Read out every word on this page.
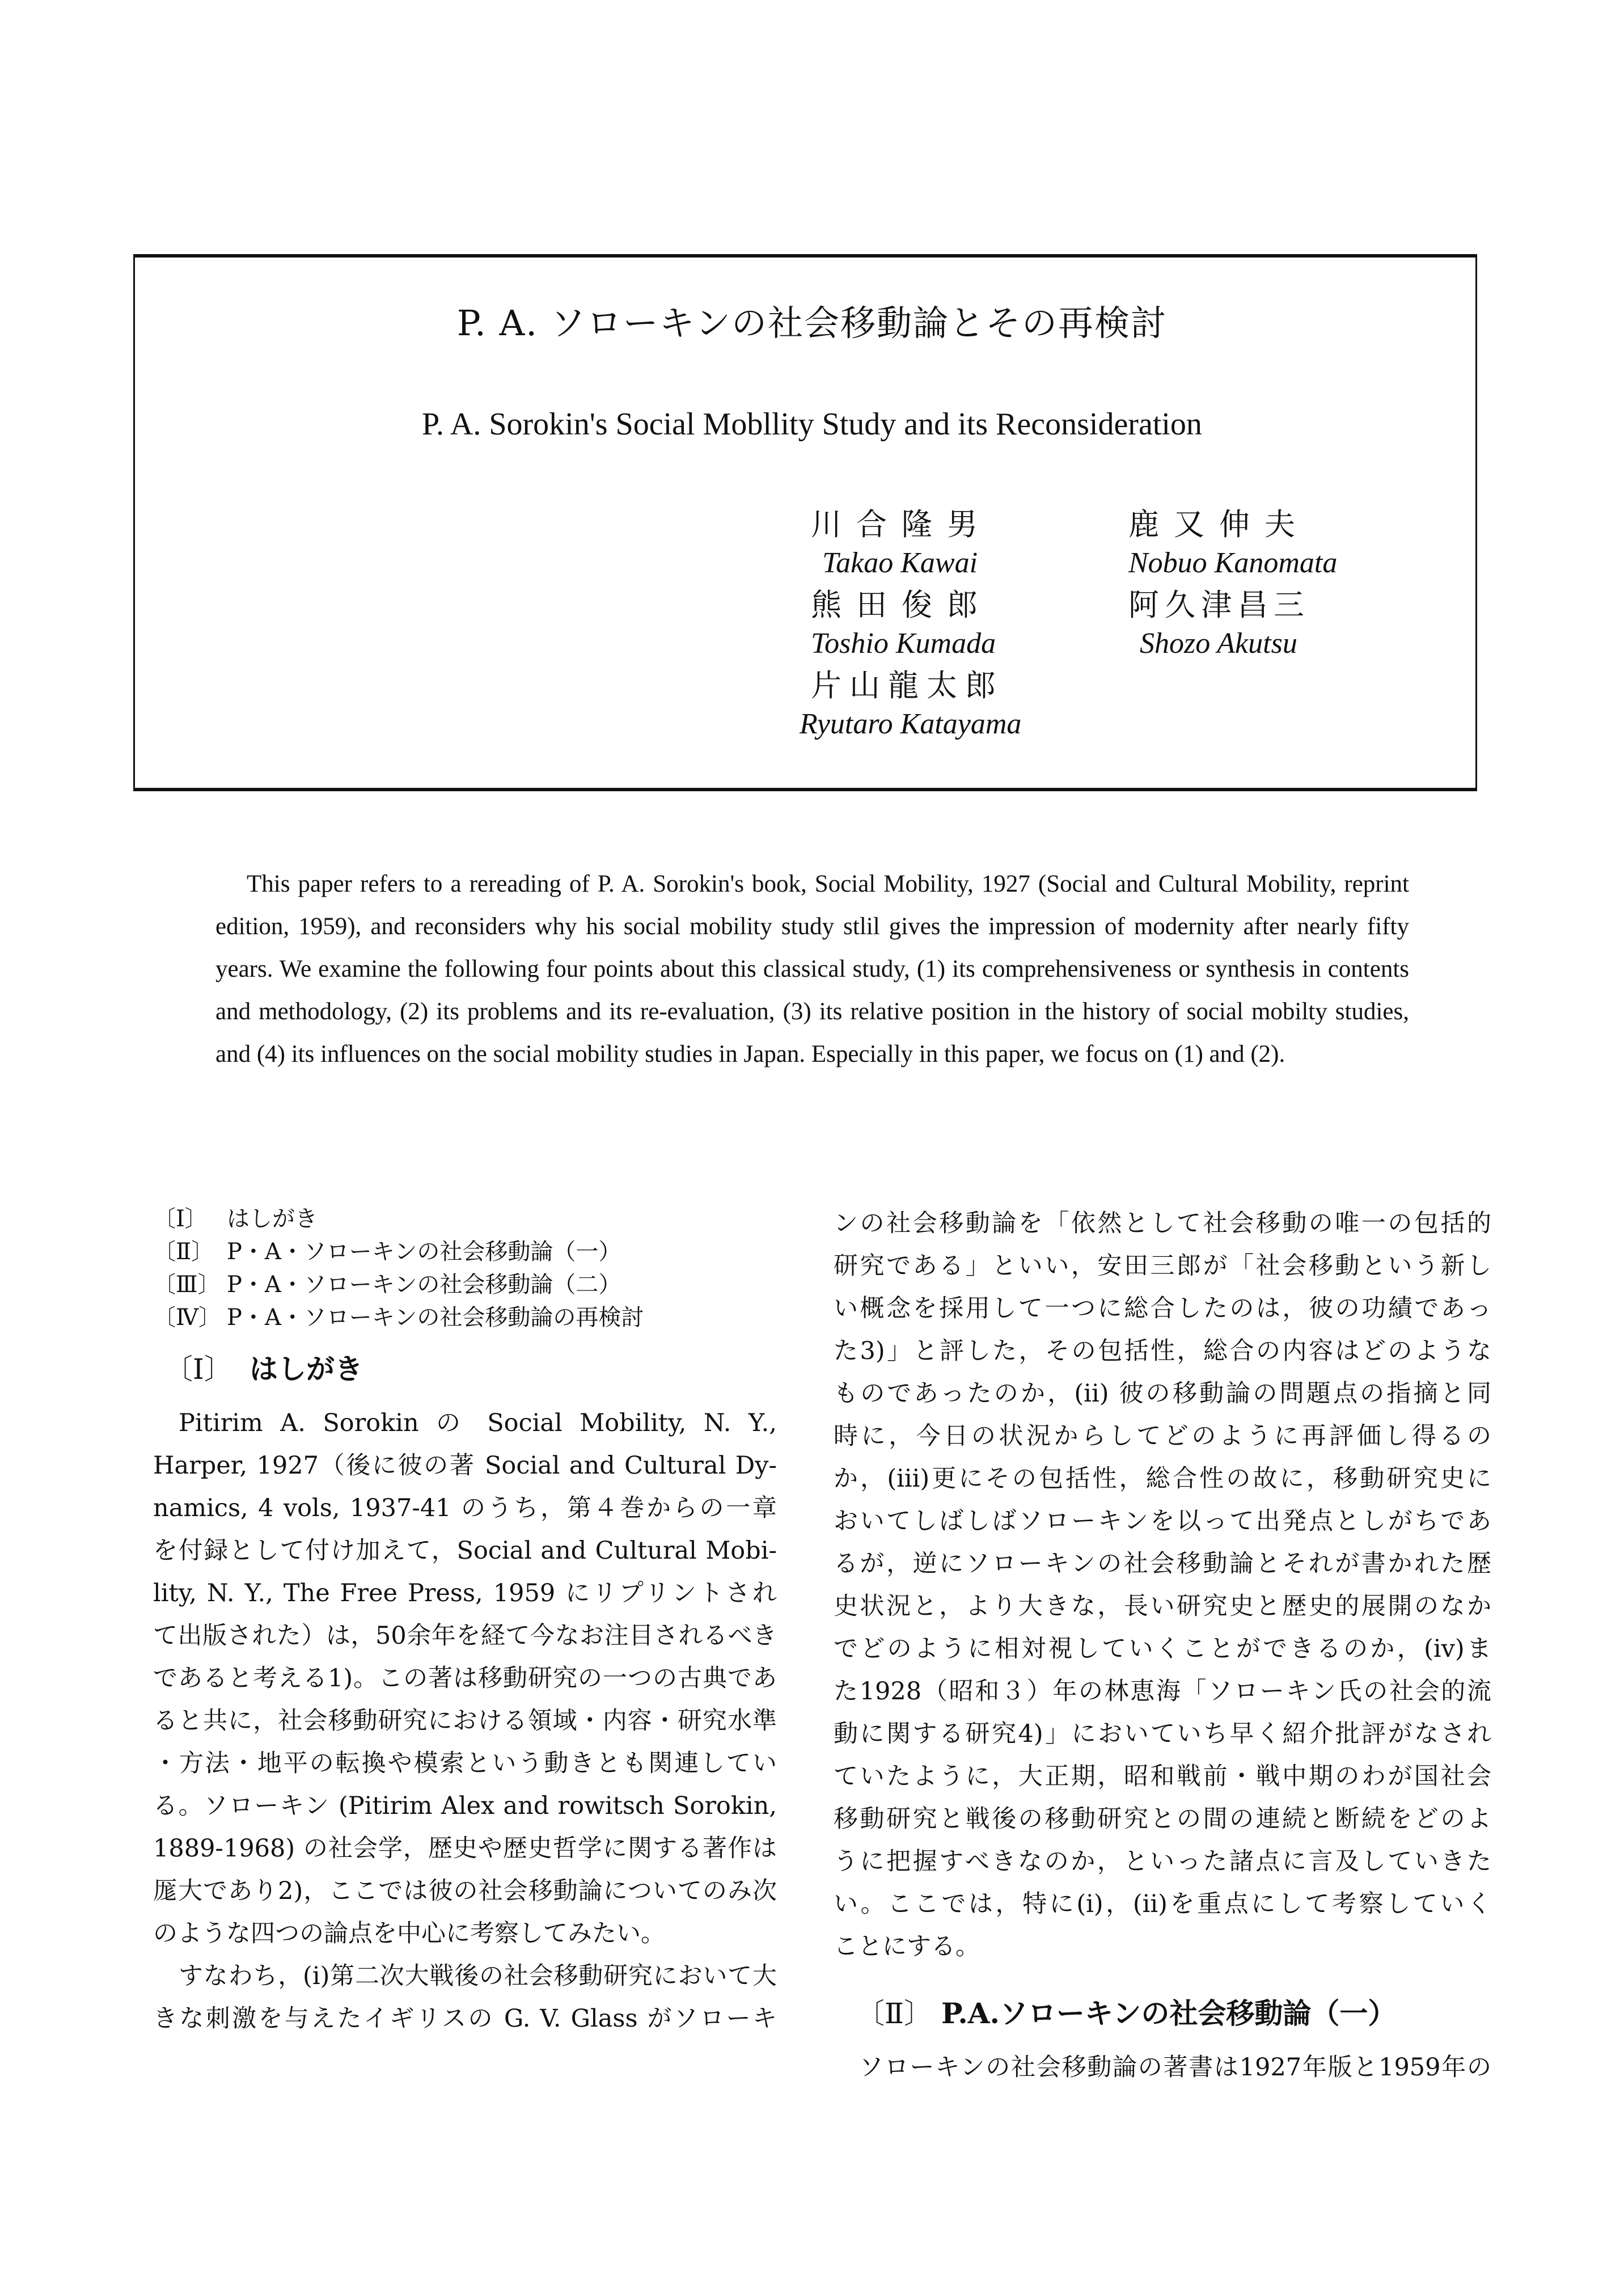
P. A. ソローキンの社会移動論とその再検討
P. A. Sorokin's Social Mobllity Study and its Reconsideration
川合隆男
Takao Kawai
鹿又伸夫
Nobuo Kanomata
熊田俊郎
Toshio Kumada
阿久津昌三
Shozo Akutsu
片山龍太郎
Ryutaro Katayama

This paper refers to a rereading of P. A. Sorokin's book, Social Mobility, 1927 (Social and Cultural Mobility, reprint edition, 1959), and reconsiders why his social mobility study stlil gives the impression of modernity after nearly fifty years. We examine the following four points about this classical study, (1) its comprehensiveness or synthesis in contents and methodology, (2) its problems and its re-evaluation, (3) its relative position in the history of social mobilty studies, and (4) its influences on the social mobility studies in Japan. Especially in this paper, we focus on (1) and (2).

〔Ⅰ〕 はしがき
〔Ⅱ〕 P・A・ソローキンの社会移動論（一）
〔Ⅲ〕 P・A・ソローキンの社会移動論（二）
〔Ⅳ〕 P・A・ソローキンの社会移動論の再検討
〔Ⅰ〕 はしがき
Pitirim A. Sorokin の Social Mobility, N. Y.,
Harper, 1927（後に彼の著 Social and Cultural Dy-
namics, 4 vols, 1937-41 のうち，第４巻からの一章
を付録として付け加えて，Social and Cultural Mobi-
lity, N. Y., The Free Press, 1959 にリプリントされ
て出版された）は，50余年を経て今なお注目されるべき
であると考える1)。この著は移動研究の一つの古典であ
ると共に，社会移動研究における領域・内容・研究水準
・方法・地平の転換や模索という動きとも関連してい
る。ソローキン (Pitirim Alex and rowitsch Sorokin,
1889-1968) の社会学，歴史や歴史哲学に関する著作は
厖大であり2)，ここでは彼の社会移動論についてのみ次
のような四つの論点を中心に考察してみたい。
すなわち，(i)第二次大戦後の社会移動研究において大
きな刺激を与えたイギリスの G. V. Glass がソローキ
ンの社会移動論を「依然として社会移動の唯一の包括的
研究である」といい，安田三郎が「社会移動という新し
い概念を採用して一つに総合したのは，彼の功績であっ
た3)」と評した，その包括性，総合の内容はどのような
ものであったのか，(ii) 彼の移動論の問題点の指摘と同
時に，今日の状況からしてどのように再評価し得るの
か，(iii)更にその包括性，総合性の故に，移動研究史に
おいてしばしばソローキンを以って出発点としがちであ
るが，逆にソローキンの社会移動論とそれが書かれた歴
史状況と，より大きな，長い研究史と歴史的展開のなか
でどのように相対視していくことができるのか，(iv)ま
た1928（昭和３）年の林恵海「ソローキン氏の社会的流
動に関する研究4)」においていち早く紹介批評がなされ
ていたように，大正期，昭和戦前・戦中期のわが国社会
移動研究と戦後の移動研究との間の連続と断続をどのよ
うに把握すべきなのか，といった諸点に言及していきた
い。ここでは，特に(i)，(ii)を重点にして考察していく
ことにする。
〔Ⅱ〕 P.A.ソローキンの社会移動論（一）
ソローキンの社会移動論の著書は1927年版と1959年の
